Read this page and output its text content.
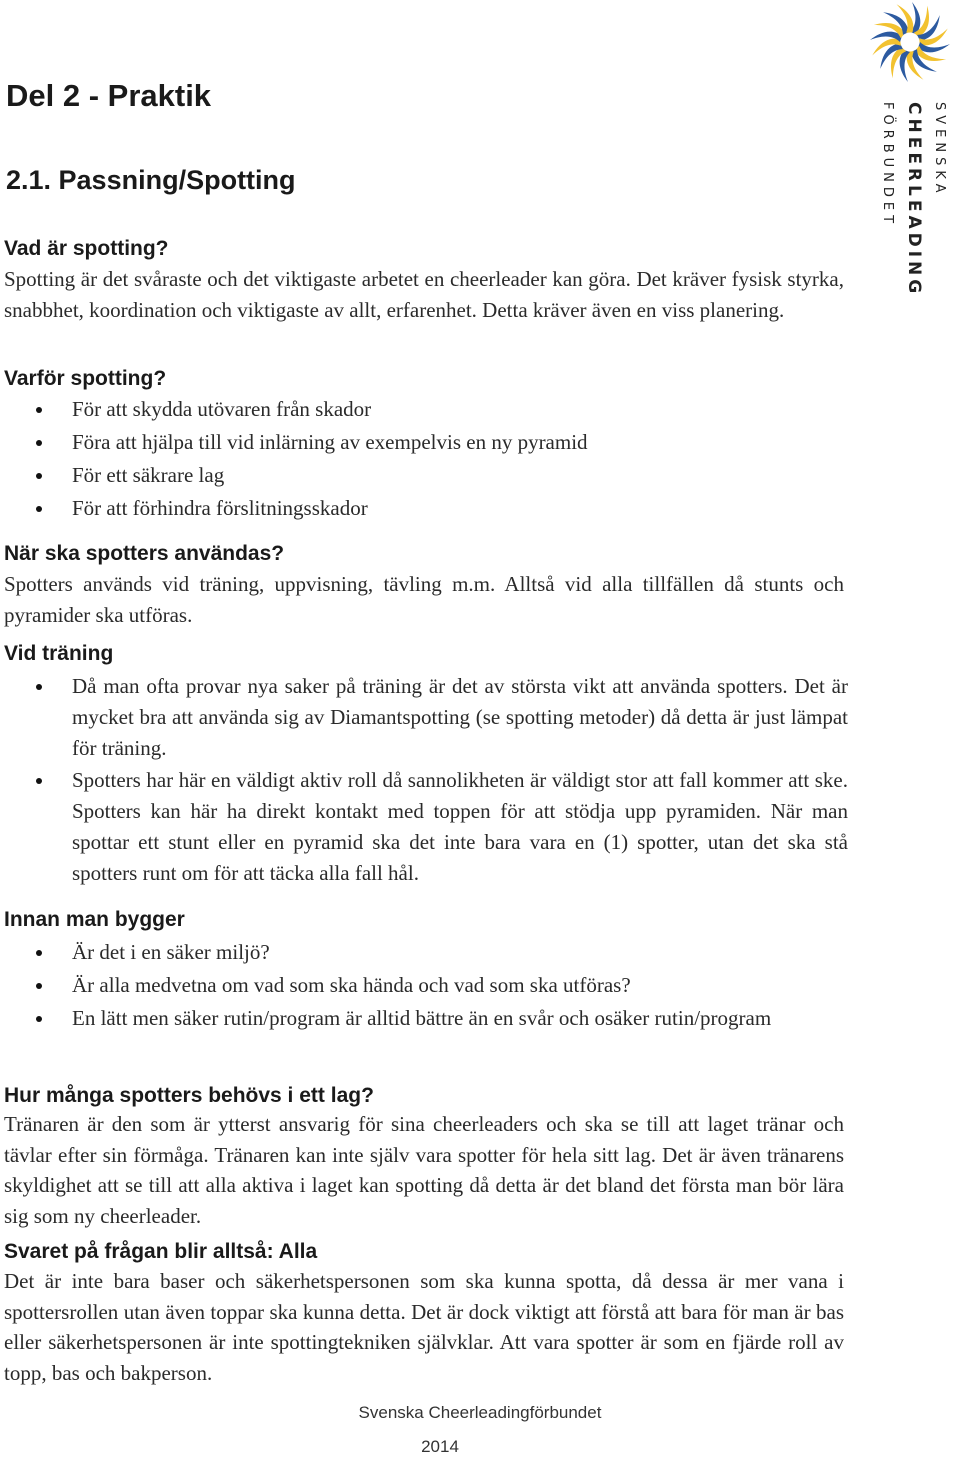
SVENSKA
CHEERLEADING
FÖRBUNDET
Del 2 - Praktik
2.1. Passning/Spotting
Vad är spotting?

Spotting är det svåraste och det viktigaste arbetet en cheerleader kan göra. Det kräver fysisk styrka, snabbhet, koordination och viktigaste av allt, erfarenhet. Detta kräver även en viss planering.

Varför spotting?
För att skydda utövaren från skador
Föra att hjälpa till vid inlärning av exempelvis en ny pyramid
För ett säkrare lag
För att förhindra förslitningsskador
När ska spotters användas?

Spotters används vid träning, uppvisning, tävling m.m. Alltså vid alla tillfällen då stunts och pyramider ska utföras.

Vid träning
Då man ofta provar nya saker på träning är det av största vikt att använda spotters. Det är mycket bra att använda sig av Diamantspotting (se spotting metoder) då detta är just lämpat för träning.
Spotters har här en väldigt aktiv roll då sannolikheten är väldigt stor att fall kommer att ske. Spotters kan här ha direkt kontakt med toppen för att stödja upp pyramiden. När man spottar ett stunt eller en pyramid ska det inte bara vara en (1) spotter, utan det ska stå spotters runt om för att täcka alla fall hål.
Innan man bygger
Är det i en säker miljö?
Är alla medvetna om vad som ska hända och vad som ska utföras?
En lätt men säker rutin/program är alltid bättre än en svår och osäker rutin/program
Hur många spotters behövs i ett lag?

Tränaren är den som är ytterst ansvarig för sina cheerleaders och ska se till att laget tränar och tävlar efter sin förmåga. Tränaren kan inte själv vara spotter för hela sitt lag. Det är även tränarens skyldighet att se till att alla aktiva i laget kan spotting då detta är det bland det första man bör lära sig som ny cheerleader.

Svaret på frågan blir alltså: Alla

Det är inte bara baser och säkerhetspersonen som ska kunna spotta, då dessa är mer vana i spottersrollen utan även toppar ska kunna detta. Det är dock viktigt att förstå att bara för man är bas eller säkerhetspersonen är inte spottingtekniken självklar. Att vara spotter är som en fjärde roll av topp, bas och bakperson.

Svenska Cheerleadingförbundet
2014
